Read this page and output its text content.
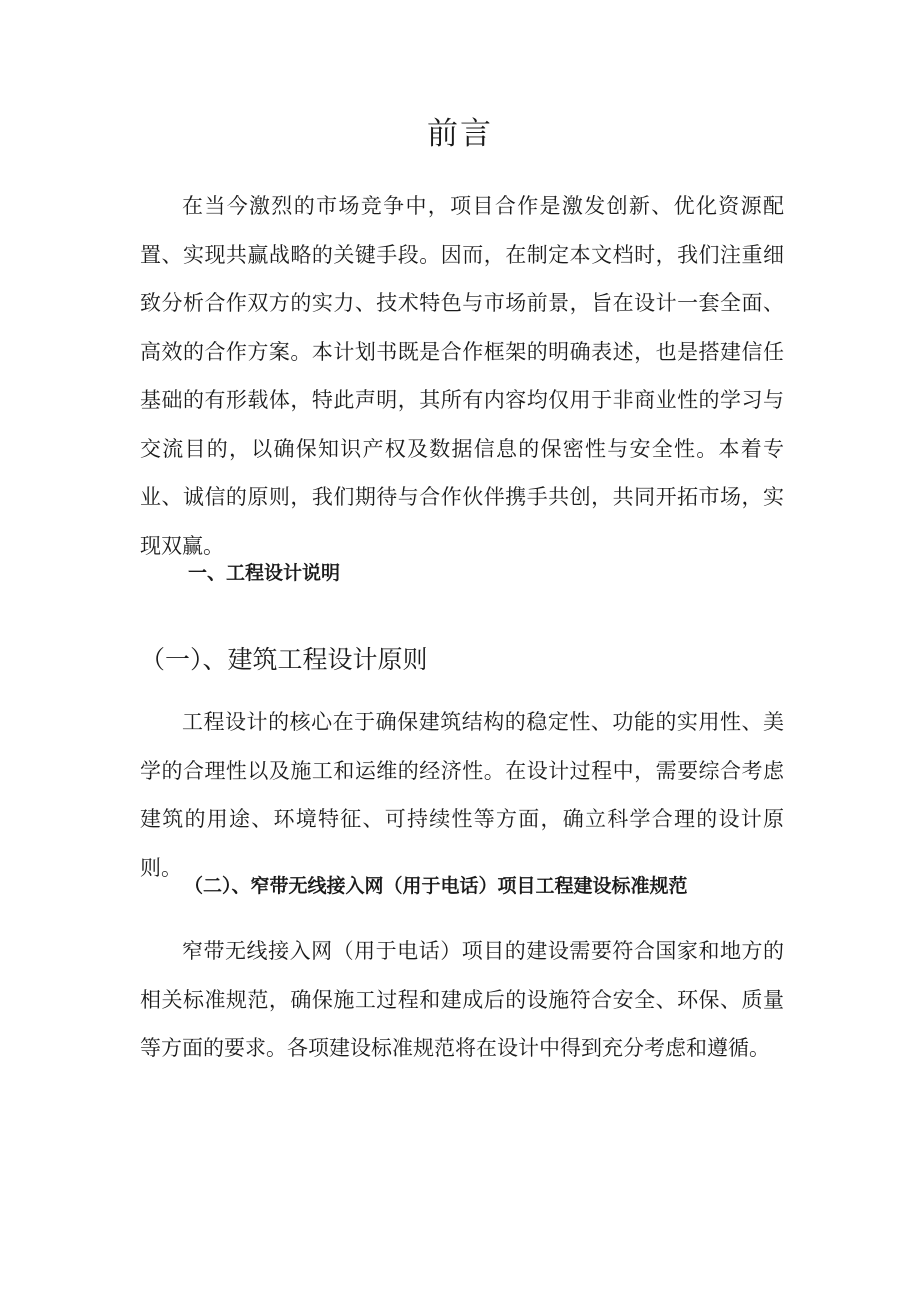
前言

在当今激烈的市场竞争中，项目合作是激发创新、优化资源配置、实现共赢战略的关键手段。因而，在制定本文档时，我们注重细致分析合作双方的实力、技术特色与市场前景，旨在设计一套全面、高效的合作方案。本计划书既是合作框架的明确表述，也是搭建信任基础的有形载体，特此声明，其所有内容均仅用于非商业性的学习与交流目的，以确保知识产权及数据信息的保密性与安全性。本着专业、诚信的原则，我们期待与合作伙伴携手共创，共同开拓市场，实现双赢。

一、工程设计说明
（一）、建筑工程设计原则

工程设计的核心在于确保建筑结构的稳定性、功能的实用性、美学的合理性以及施工和运维的经济性。在设计过程中，需要综合考虑建筑的用途、环境特征、可持续性等方面，确立科学合理的设计原则。

（二）、窄带无线接入网（用于电话）项目工程建设标准规范

窄带无线接入网（用于电话）项目的建设需要符合国家和地方的相关标准规范，确保施工过程和建成后的设施符合安全、环保、质量等方面的要求。各项建设标准规范将在设计中得到充分考虑和遵循。
